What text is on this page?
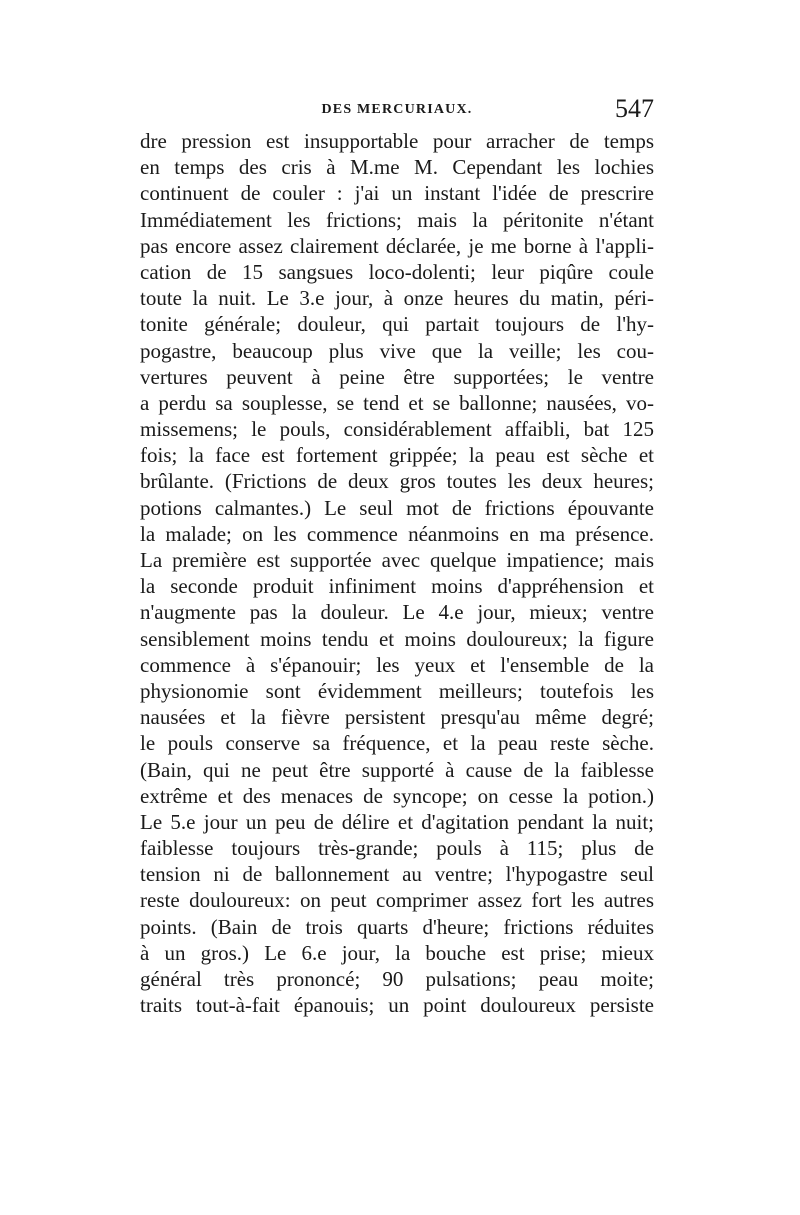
DES MERCURIAUX.	547
dre pression est insupportable pour arracher de temps
en temps des cris à M.me M. Cependant les lochies
continuent de couler : j'ai un instant l'idée de prescrire
Immédiatement les frictions; mais la péritonite n'étant
pas encore assez clairement déclarée, je me borne à l'appli-
cation de 15 sangsues loco-dolenti; leur piqûre coule
toute la nuit. Le 3.e jour, à onze heures du matin, péri-
tonite générale; douleur, qui partait toujours de l'hy-
pogastre, beaucoup plus vive que la veille; les cou-
vertures peuvent à peine être supportées; le ventre
a perdu sa souplesse, se tend et se ballonne; nausées, vo-
missemens; le pouls, considérablement affaibli, bat 125
fois; la face est fortement grippée; la peau est sèche et
brûlante. (Frictions de deux gros toutes les deux heures;
potions calmantes.) Le seul mot de frictions épouvante
la malade; on les commence néanmoins en ma présence.
La première est supportée avec quelque impatience; mais
la seconde produit infiniment moins d'appréhension et
n'augmente pas la douleur. Le 4.e jour, mieux; ventre
sensiblement moins tendu et moins douloureux; la figure
commence à s'épanouir; les yeux et l'ensemble de la
physionomie sont évidemment meilleurs; toutefois les
nausées et la fièvre persistent presqu'au même degré;
le pouls conserve sa fréquence, et la peau reste sèche.
(Bain, qui ne peut être supporté à cause de la faiblesse
extrême et des menaces de syncope; on cesse la potion.)
Le 5.e jour un peu de délire et d'agitation pendant la nuit;
faiblesse toujours très-grande; pouls à 115; plus de
tension ni de ballonnement au ventre; l'hypogastre seul
reste douloureux: on peut comprimer assez fort les autres
points. (Bain de trois quarts d'heure; frictions réduites
à un gros.) Le 6.e jour, la bouche est prise; mieux
général très prononcé; 90 pulsations; peau moite;
traits tout-à-fait épanouis; un point douloureux persiste
